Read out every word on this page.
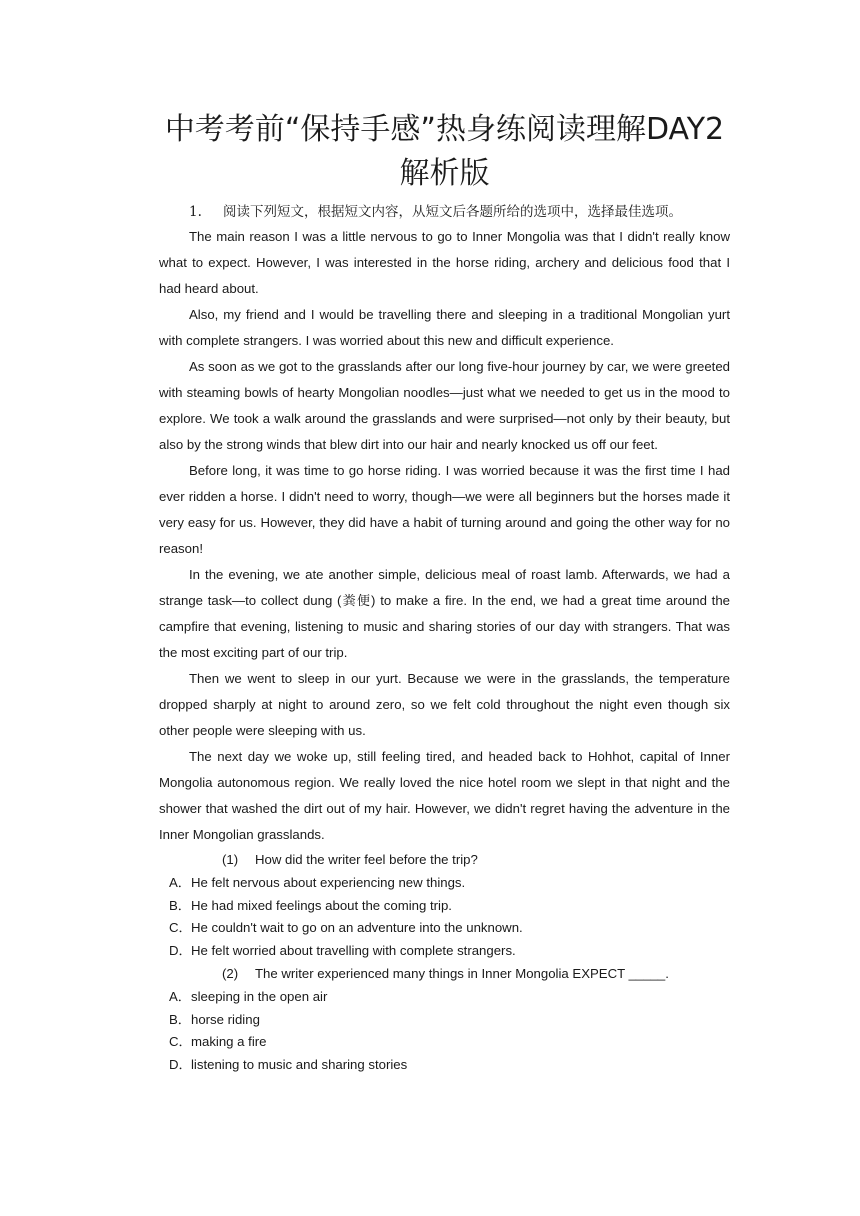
中考考前“保持手感”热身练阅读理解DAY2
解析版

1. 阅读下列短文，根据短文内容，从短文后各题所给的选项中，选择最佳选项。

The main reason I was a little nervous to go to Inner Mongolia was that I didn't really know what to expect. However, I was interested in the horse riding, archery and delicious food that I had heard about.

Also, my friend and I would be travelling there and sleeping in a traditional Mongolian yurt with complete strangers. I was worried about this new and difficult experience.

As soon as we got to the grasslands after our long five-hour journey by car, we were greeted with steaming bowls of hearty Mongolian noodles—just what we needed to get us in the mood to explore. We took a walk around the grasslands and were surprised—not only by their beauty, but also by the strong winds that blew dirt into our hair and nearly knocked us off our feet.

Before long, it was time to go horse riding. I was worried because it was the first time I had ever ridden a horse. I didn't need to worry, though—we were all beginners but the horses made it very easy for us. However, they did have a habit of turning around and going the other way for no reason!

In the evening, we ate another simple, delicious meal of roast lamb. Afterwards, we had a strange task—to collect dung (粪便) to make a fire. In the end, we had a great time around the campfire that evening, listening to music and sharing stories of our day with strangers. That was the most exciting part of our trip.

Then we went to sleep in our yurt. Because we were in the grasslands, the temperature dropped sharply at night to around zero, so we felt cold throughout the night even though six other people were sleeping with us.

The next day we woke up, still feeling tired, and headed back to Hohhot, capital of Inner Mongolia autonomous region. We really loved the nice hotel room we slept in that night and the shower that washed the dirt out of my hair. However, we didn't regret having the adventure in the Inner Mongolian grasslands.

(1) How did the writer feel before the trip?

A．He felt nervous about experiencing new things.
B．He had mixed feelings about the coming trip.
C．He couldn't wait to go on an adventure into the unknown.
D．He felt worried about travelling with complete strangers.

(2) The writer experienced many things in Inner Mongolia EXPECT _____.

A．sleeping in the open air
B．horse riding
C．making a fire
D．listening to music and sharing stories
